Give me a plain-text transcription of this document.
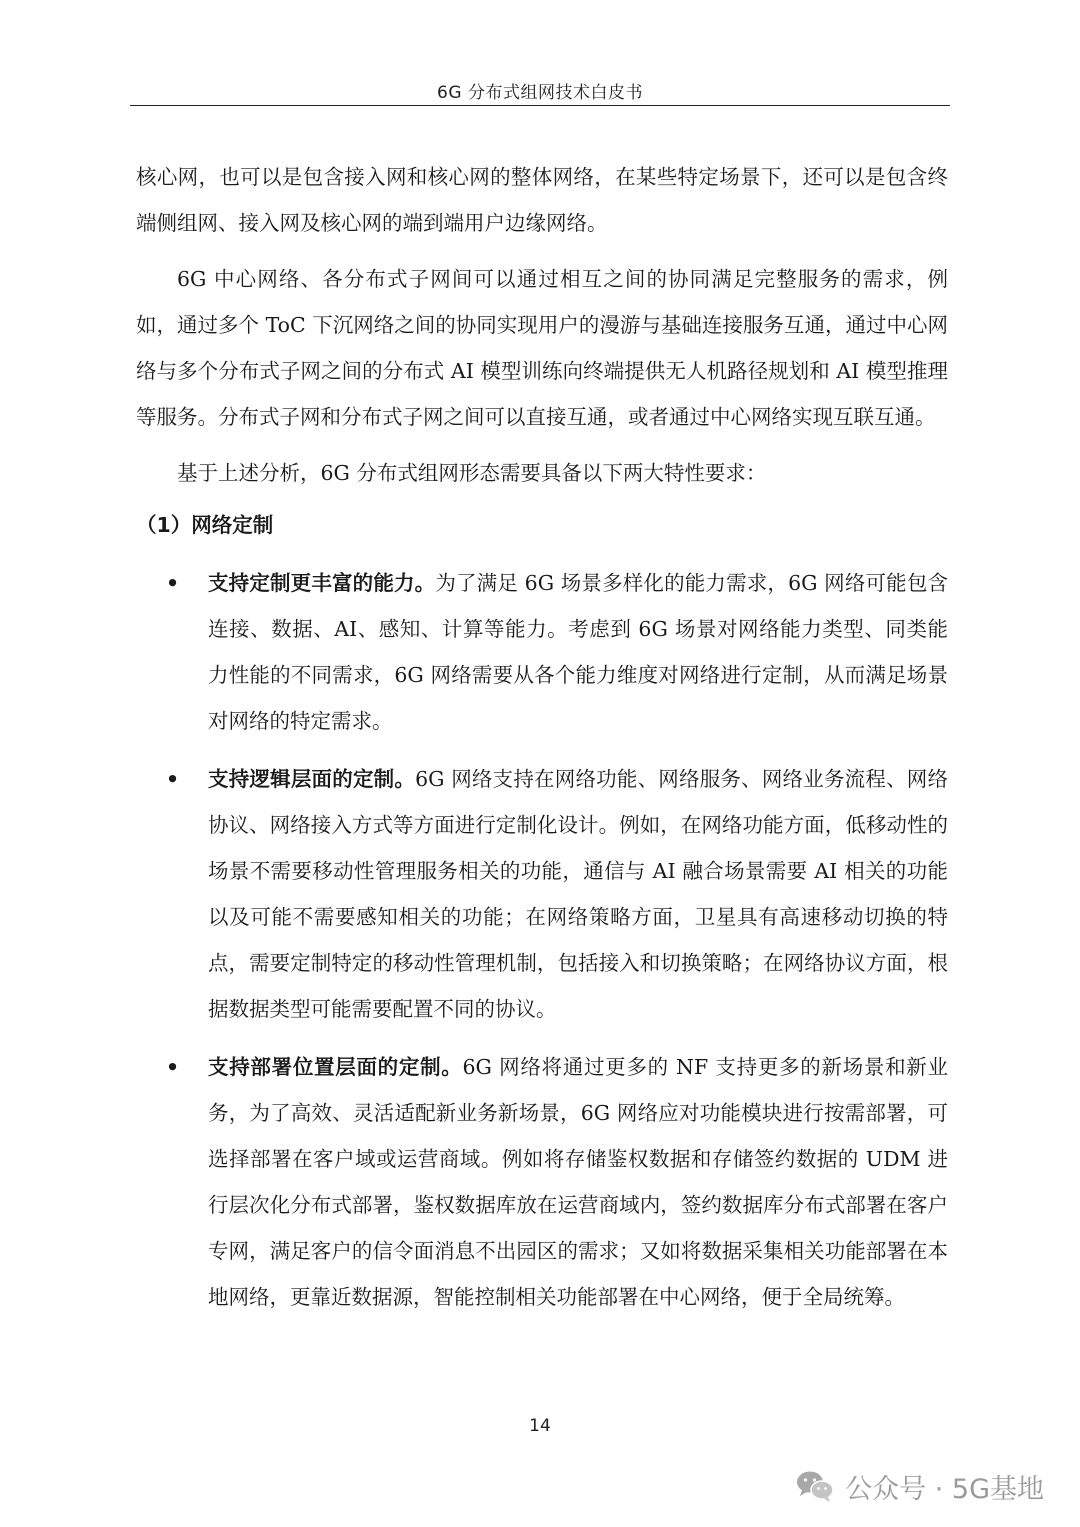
6G 分布式组网技术白皮书

核心网，也可以是包含接入网和核心网的整体网络，在某些特定场景下，还可以是包含终端侧组网、接入网及核心网的端到端用户边缘网络。

6G 中心网络、各分布式子网间可以通过相互之间的协同满足完整服务的需求，例如，通过多个 ToC 下沉网络之间的协同实现用户的漫游与基础连接服务互通，通过中心网络与多个分布式子网之间的分布式 AI 模型训练向终端提供无人机路径规划和 AI 模型推理等服务。分布式子网和分布式子网之间可以直接互通，或者通过中心网络实现互联互通。

基于上述分析，6G 分布式组网形态需要具备以下两大特性要求：

（1）网络定制

• 支持定制更丰富的能力。为了满足 6G 场景多样化的能力需求，6G 网络可能包含连接、数据、AI、感知、计算等能力。考虑到 6G 场景对网络能力类型、同类能力性能的不同需求，6G 网络需要从各个能力维度对网络进行定制，从而满足场景对网络的特定需求。
• 支持逻辑层面的定制。6G 网络支持在网络功能、网络服务、网络业务流程、网络协议、网络接入方式等方面进行定制化设计。例如，在网络功能方面，低移动性的场景不需要移动性管理服务相关的功能，通信与 AI 融合场景需要 AI 相关的功能以及可能不需要感知相关的功能；在网络策略方面，卫星具有高速移动切换的特点，需要定制特定的移动性管理机制，包括接入和切换策略；在网络协议方面，根据数据类型可能需要配置不同的协议。
• 支持部署位置层面的定制。6G 网络将通过更多的 NF 支持更多的新场景和新业务，为了高效、灵活适配新业务新场景，6G 网络应对功能模块进行按需部署，可选择部署在客户域或运营商域。例如将存储鉴权数据和存储签约数据的 UDM 进行层次化分布式部署，鉴权数据库放在运营商域内，签约数据库分布式部署在客户专网，满足客户的信令面消息不出园区的需求；又如将数据采集相关功能部署在本地网络，更靠近数据源，智能控制相关功能部署在中心网络，便于全局统筹。
14
公众号 · 5G基地
